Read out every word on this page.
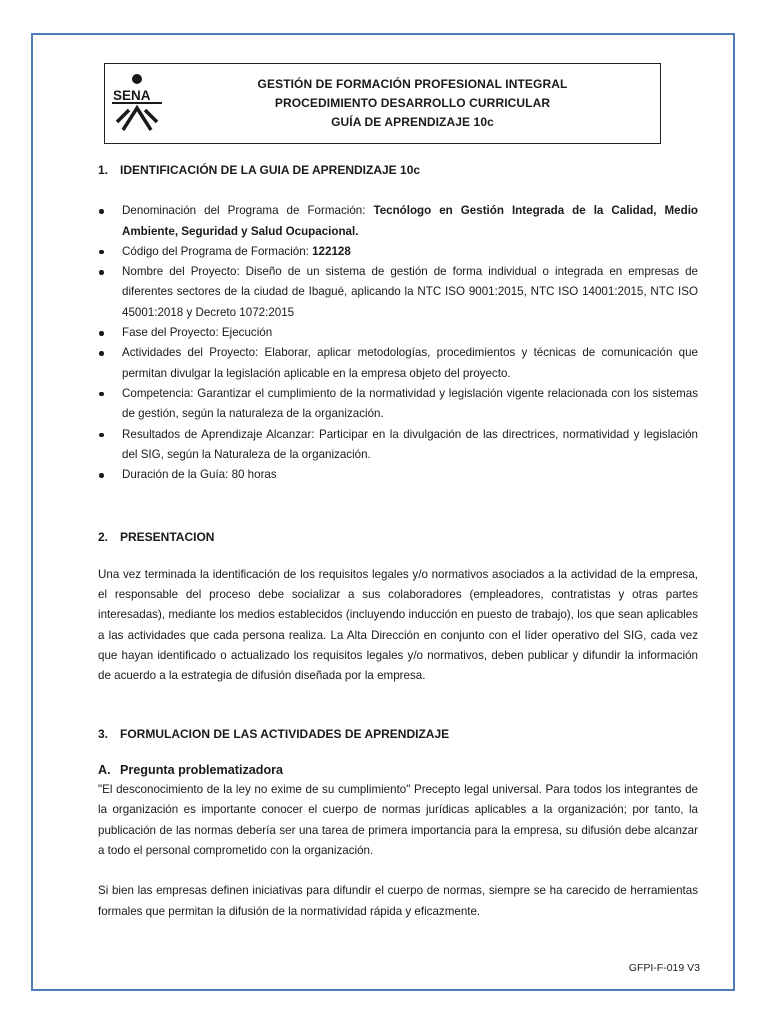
SENA
GESTIÓN DE FORMACIÓN PROFESIONAL INTEGRAL
PROCEDIMIENTO DESARROLLO CURRICULAR
GUÍA DE APRENDIZAJE 10c
1. IDENTIFICACIÓN DE LA GUIA DE APRENDIZAJE 10c
Denominación del Programa de Formación: Tecnólogo en Gestión Integrada de la Calidad, Medio Ambiente, Seguridad y Salud Ocupacional.
Código del Programa de Formación: 122128
Nombre del Proyecto: Diseño de un sistema de gestión de forma individual o integrada en empresas de diferentes sectores de la ciudad de Ibagué, aplicando la NTC ISO 9001:2015, NTC ISO 14001:2015, NTC ISO 45001:2018 y Decreto 1072:2015
Fase del Proyecto: Ejecución
Actividades del Proyecto: Elaborar, aplicar metodologías, procedimientos y técnicas de comunicación que permitan divulgar la legislación aplicable en la empresa objeto del proyecto.
Competencia: Garantizar el cumplimiento de la normatividad y legislación vigente relacionada con los sistemas de gestión, según la naturaleza de la organización.
Resultados de Aprendizaje Alcanzar: Participar en la divulgación de las directrices, normatividad y legislación del SIG, según la Naturaleza de la organización.
Duración de la Guía: 80 horas
2. PRESENTACION

Una vez terminada la identificación de los requisitos legales y/o normativos asociados a la actividad de la empresa, el responsable del proceso debe socializar a sus colaboradores (empleadores, contratistas y otras partes interesadas), mediante los medios establecidos (incluyendo inducción en puesto de trabajo), los que sean aplicables a las actividades que cada persona realiza. La Alta Dirección en conjunto con el líder operativo del SIG, cada vez que hayan identificado o actualizado los requisitos legales y/o normativos, deben publicar y difundir la información de acuerdo a la estrategia de difusión diseñada por la empresa.

3. FORMULACION DE LAS ACTIVIDADES DE APRENDIZAJE
A. Pregunta problematizadora

"El desconocimiento de la ley no exime de su cumplimiento" Precepto legal universal. Para todos los integrantes de la organización es importante conocer el cuerpo de normas jurídicas aplicables a la organización; por tanto, la publicación de las normas debería ser una tarea de primera importancia para la empresa, su difusión debe alcanzar a todo el personal comprometido con la organización.

Si bien las empresas definen iniciativas para difundir el cuerpo de normas, siempre se ha carecido de herramientas formales que permitan la difusión de la normatividad rápida y eficazmente.

GFPI-F-019 V3
